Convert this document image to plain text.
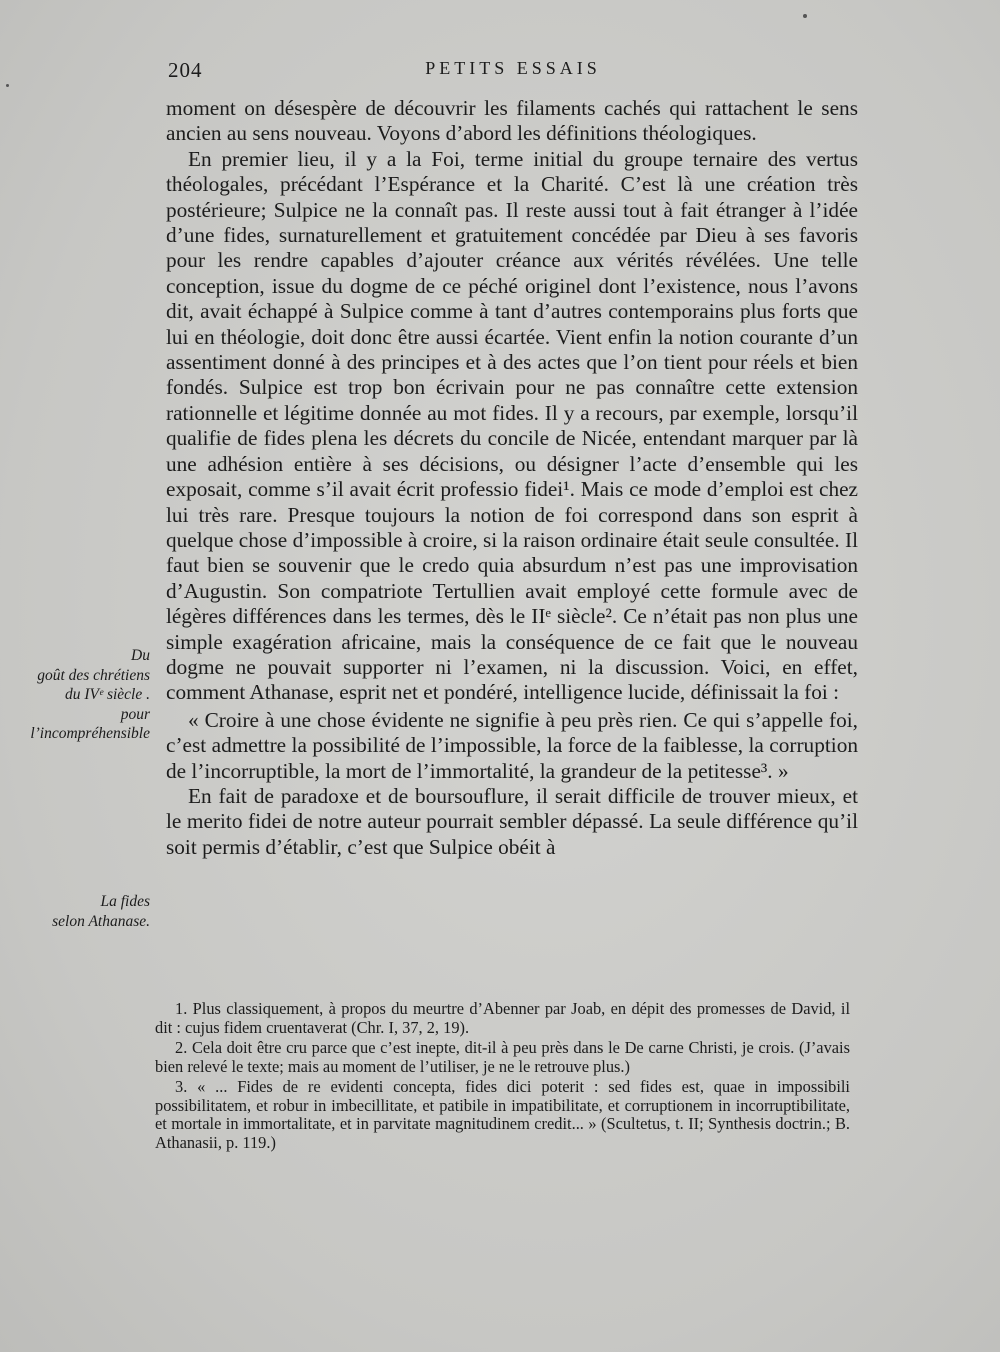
204	PETITS ESSAIS

moment on désespère de découvrir les filaments cachés qui rattachent le sens ancien au sens nouveau. Voyons d’abord les définitions théologiques.

En premier lieu, il y a la Foi, terme initial du groupe ternaire des vertus théologales, précédant l’Espérance et la Charité. C’est là une création très postérieure; Sulpice ne la connaît pas. Il reste aussi tout à fait étranger à l’idée d’une fides, surnaturellement et gratuitement concédée par Dieu à ses favoris pour les rendre capables d’ajouter créance aux vérités révélées. Une telle conception, issue du dogme de ce péché originel dont l’existence, nous l’avons dit, avait échappé à Sulpice comme à tant d’autres contemporains plus forts que lui en théologie, doit donc être aussi écartée. Vient enfin la notion courante d’un assentiment donné à des principes et à des actes que l’on tient pour réels et bien fondés. Sulpice est trop bon écrivain pour ne pas connaître cette extension rationnelle et légitime donnée au mot fides. Il y a recours, par exemple, lorsqu’il qualifie de fides plena les décrets du concile de Nicée, entendant marquer par là une adhésion entière à ses décisions, ou désigner l’acte d’ensemble qui les exposait, comme s’il avait écrit professio fidei¹. Mais ce mode d’emploi est chez lui très rare. Presque toujours la notion de foi correspond dans son esprit à quelque chose d’impossible à croire, si la raison ordinaire était seule consultée. Il faut bien se souvenir que le credo quia absurdum n’est pas une improvisation d’Augustin. Son compatriote Tertullien avait employé cette formule avec de légères différences dans les termes, dès le IIᵉ siècle². Ce n’était pas non plus une simple exagération africaine, mais la conséquence de ce fait que le nouveau dogme ne pouvait supporter ni l’examen, ni la discussion. Voici, en effet, comment Athanase, esprit net et pondéré, intelligence lucide, définissait la foi :

« Croire à une chose évidente ne signifie à peu près rien. Ce qui s’appelle foi, c’est admettre la possibilité de l’impossible, la force de la faiblesse, la corruption de l’incorruptible, la mort de l’immortalité, la grandeur de la petitesse³. »

En fait de paradoxe et de boursouflure, il serait difficile de trouver mieux, et le merito fidei de notre auteur pourrait sembler dépassé. La seule différence qu’il soit permis d’établir, c’est que Sulpice obéit à

Du
goût des chrétiens
du IVᵉ siècle .
pour
l’incompréhensible
La fides
selon Athanase.

1. Plus classiquement, à propos du meurtre d’Abenner par Joab, en dépit des promesses de David, il dit : cujus fidem cruentaverat (Chr. I, 37, 2, 19).

2. Cela doit être cru parce que c’est inepte, dit-il à peu près dans le De carne Christi, je crois. (J’avais bien relevé le texte; mais au moment de l’utiliser, je ne le retrouve plus.)

3. « ... Fides de re evidenti concepta, fides dici poterit : sed fides est, quae in impossibili possibilitatem, et robur in imbecillitate, et patibile in impatibilitate, et corruptionem in incorruptibilitate, et mortale in immortalitate, et in parvitate magnitudinem credit... » (Scultetus, t. II; Synthesis doctrin.; B. Athanasii, p. 119.)
